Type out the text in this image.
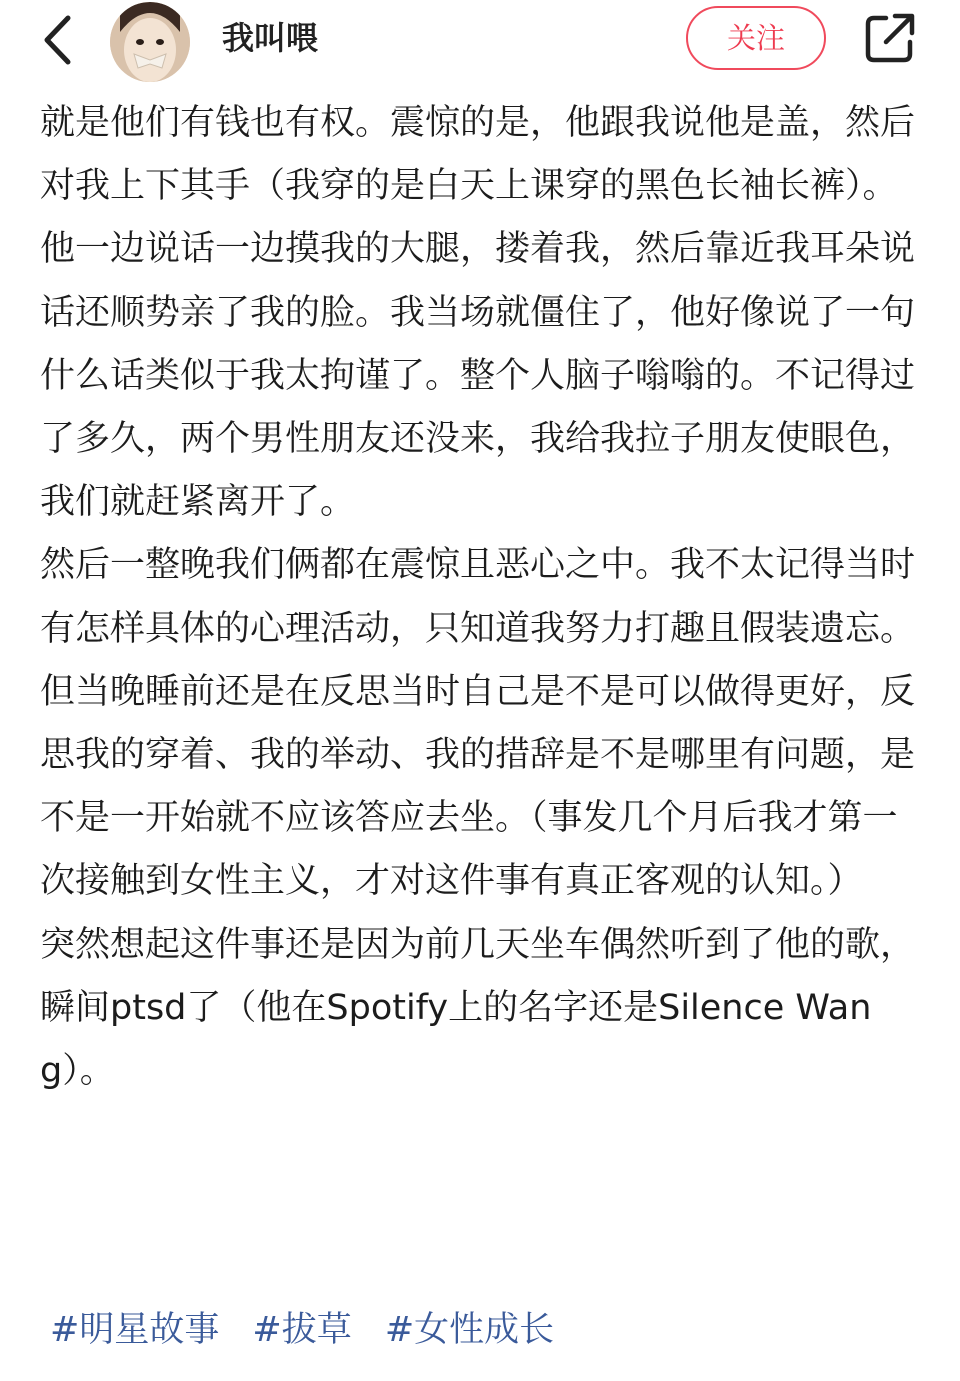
我叫喂	关注

就是他们有钱也有权。震惊的是，他跟我说他是盖，然后对我上下其手（我穿的是白天上课穿的黑色长袖长裤）。他一边说话一边摸我的大腿，搂着我，然后靠近我耳朵说话还顺势亲了我的脸。我当场就僵住了，他好像说了一句什么话类似于我太拘谨了。整个人脑子嗡嗡的。不记得过了多久，两个男性朋友还没来，我给我拉子朋友使眼色，我们就赶紧离开了。

然后一整晚我们俩都在震惊且恶心之中。我不太记得当时有怎样具体的心理活动，只知道我努力打趣且假装遗忘。但当晚睡前还是在反思当时自己是不是可以做得更好，反思我的穿着、我的举动、我的措辞是不是哪里有问题，是不是一开始就不应该答应去坐。（事发几个月后我才第一次接触到女性主义，才对这件事有真正客观的认知。）

突然想起这件事还是因为前几天坐车偶然听到了他的歌，瞬间ptsd了（他在Spotify上的名字还是Silence Wang）。

#明星故事 #拔草 #女性成长
